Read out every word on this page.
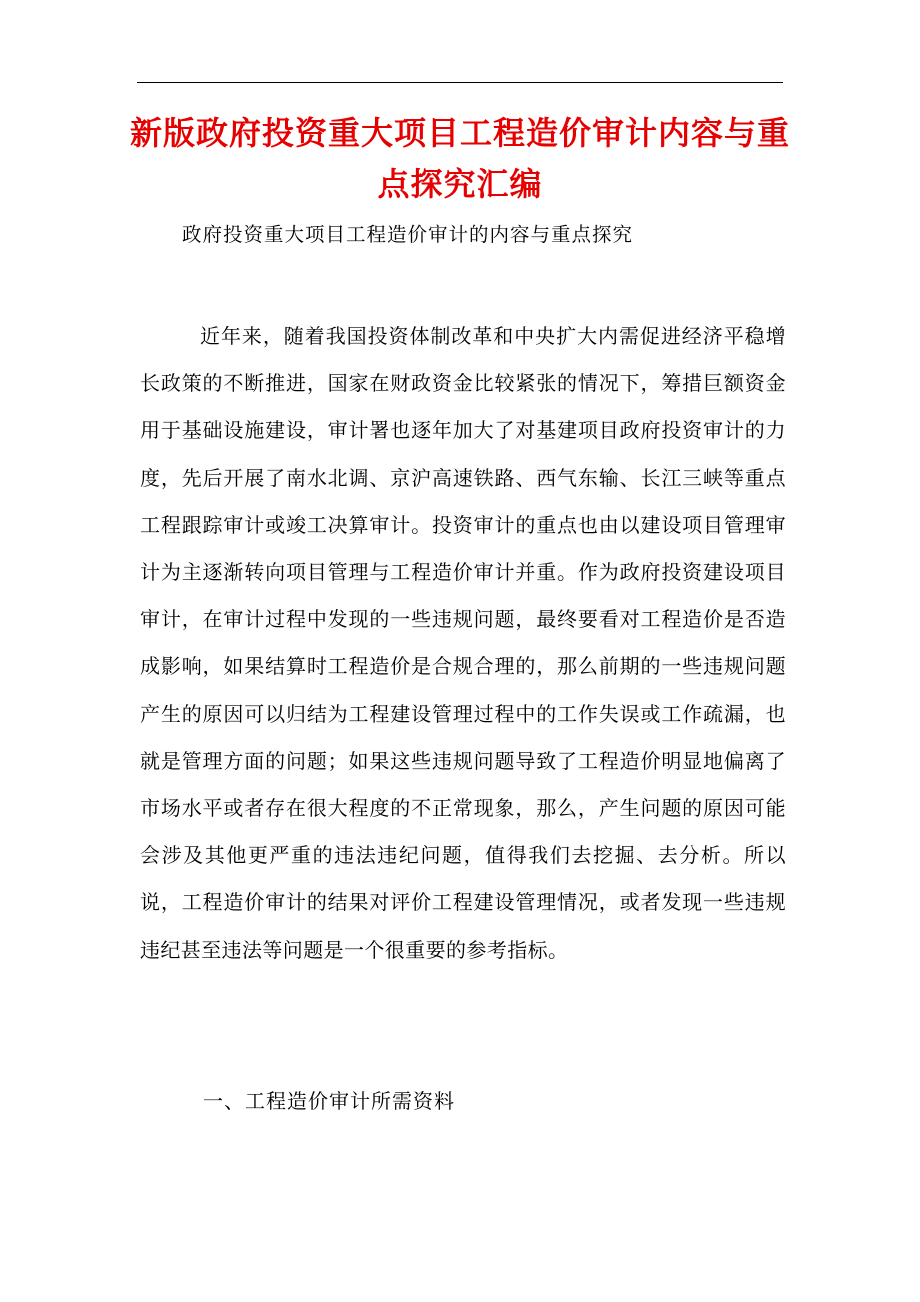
新版政府投资重大项目工程造价审计内容与重点探究汇编
政府投资重大项目工程造价审计的内容与重点探究

近年来，随着我国投资体制改革和中央扩大内需促进经济平稳增长政策的不断推进，国家在财政资金比较紧张的情况下，筹措巨额资金用于基础设施建设，审计署也逐年加大了对基建项目政府投资审计的力度，先后开展了南水北调、京沪高速铁路、西气东输、长江三峡等重点工程跟踪审计或竣工决算审计。投资审计的重点也由以建设项目管理审计为主逐渐转向项目管理与工程造价审计并重。作为政府投资建设项目审计，在审计过程中发现的一些违规问题，最终要看对工程造价是否造成影响，如果结算时工程造价是合规合理的，那么前期的一些违规问题产生的原因可以归结为工程建设管理过程中的工作失误或工作疏漏，也就是管理方面的问题；如果这些违规问题导致了工程造价明显地偏离了市场水平或者存在很大程度的不正常现象，那么，产生问题的原因可能会涉及其他更严重的违法违纪问题，值得我们去挖掘、去分析。所以说，工程造价审计的结果对评价工程建设管理情况，或者发现一些违规违纪甚至违法等问题是一个很重要的参考指标。

一、工程造价审计所需资料
